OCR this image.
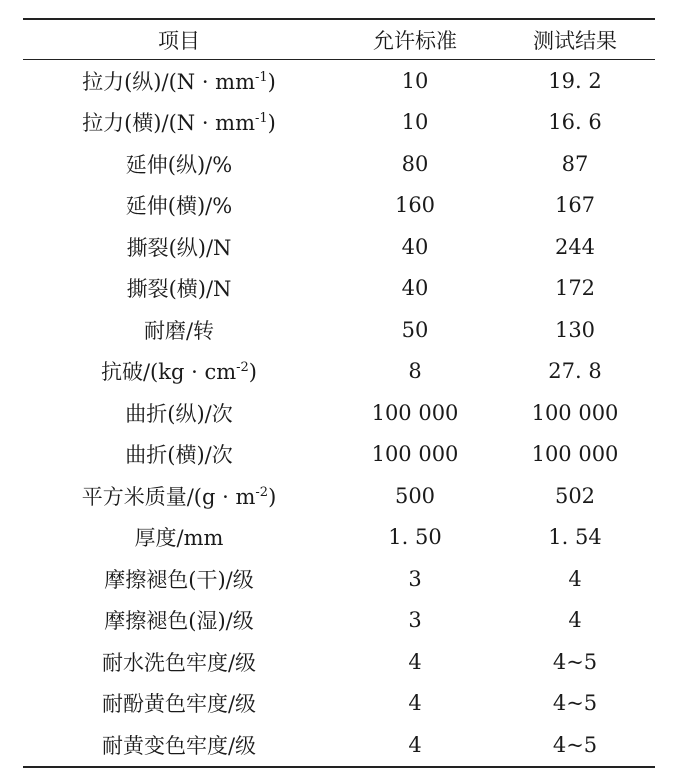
项目	允许标准	测试结果
拉力(纵)$/(N \cdot mm^{-1})$	10	19. 2
拉力(横)$/(N \cdot mm^{-1})$	10	16. 6
延伸(纵)/%	80	87
延伸(横)/%	160	167
撕裂(纵)/N	40	244
撕裂(横)/N	40	172
耐磨/转	50	130
抗破$/(kg \cdot cm^{-2})$	8	27. 8
曲折(纵)/次	100 000	100 000
曲折(横)/次	100 000	100 000
平方米质量$/(g \cdot m^{-2})$	500	502
厚度/mm	1. 50	1. 54
摩擦褪色(干)/级	3	4
摩擦褪色(湿)/级	3	4
耐水洗色牢度/级	4	4~5
耐酚黄色牢度/级	4	4~5
耐黄变色牢度/级	4	4~5
